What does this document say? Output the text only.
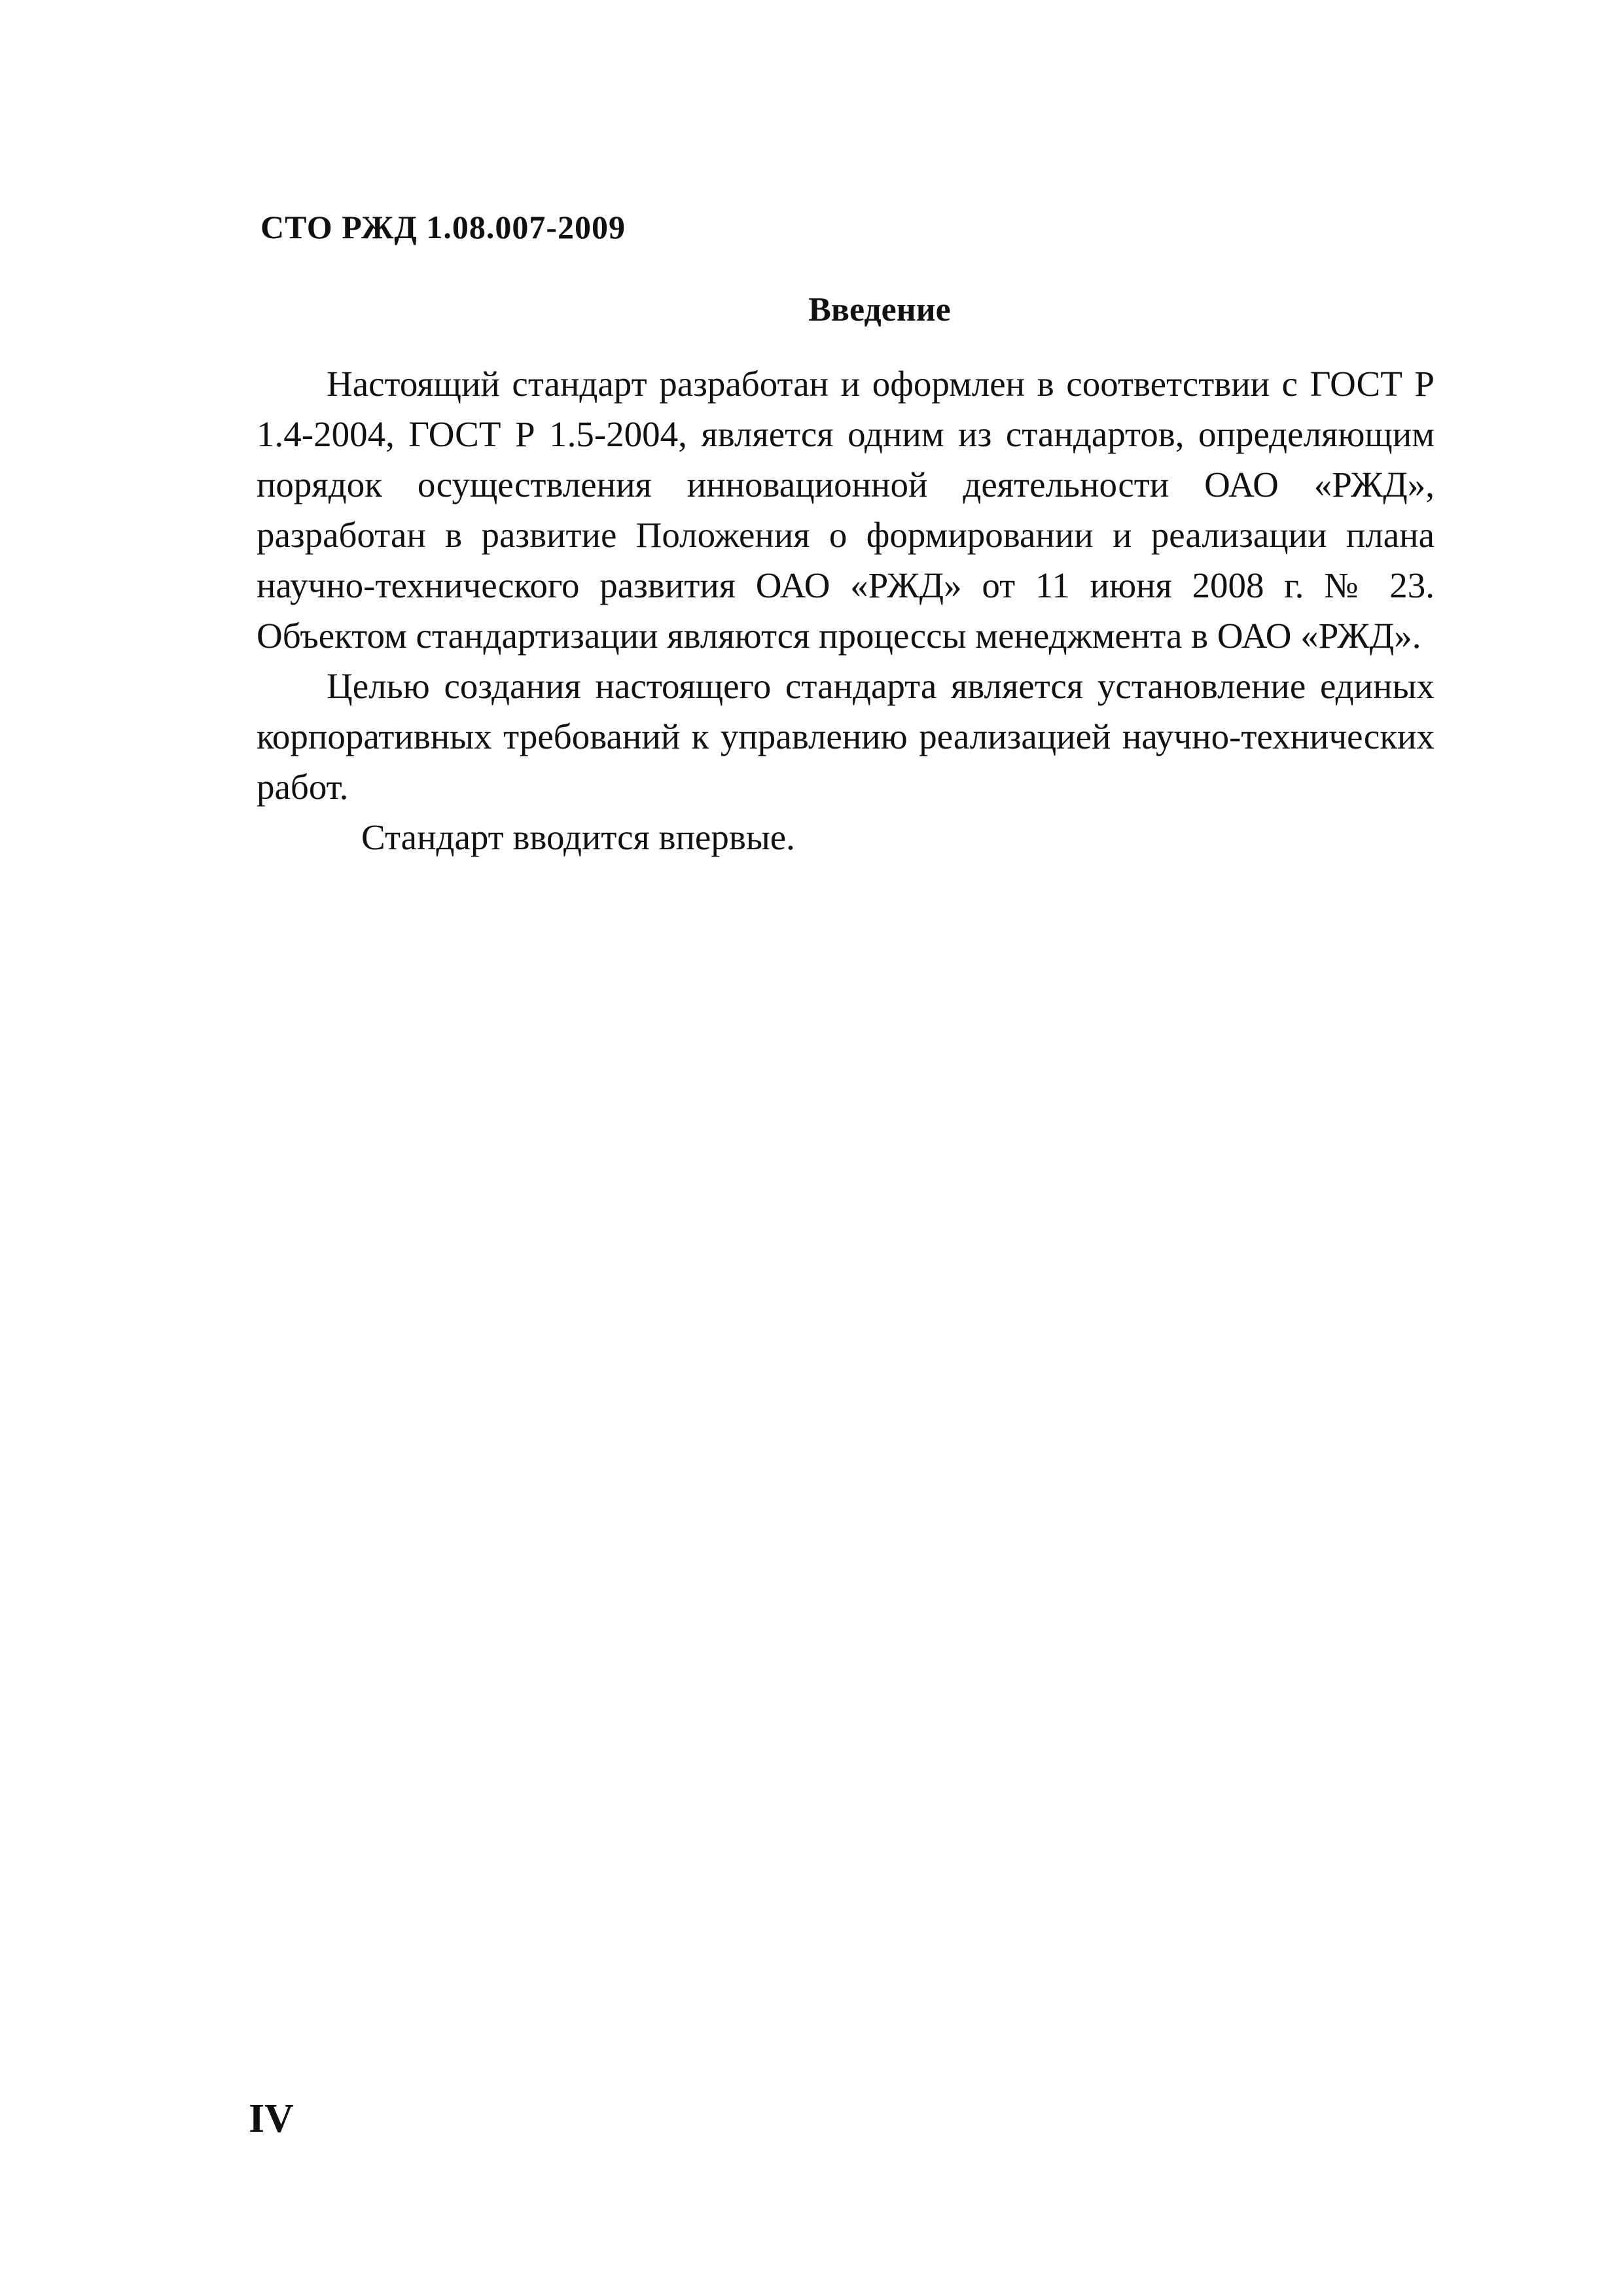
СТО РЖД 1.08.007-2009
Введение

Настоящий стандарт разработан и оформлен в соответствии с ГОСТ Р 1.4-2004, ГОСТ Р 1.5-2004, является одним из стандартов, определяющим порядок осуществления инновационной деятельности ОАО «РЖД», разработан в развитие Положения о формировании и реализации плана научно-технического развития ОАО «РЖД» от 11 июня 2008 г. № 23. Объектом стандартизации являются процессы менеджмента в ОАО «РЖД».

Целью создания настоящего стандарта является установление единых корпоративных требований к управлению реализацией научно-технических работ.

Стандарт вводится впервые.

IV
